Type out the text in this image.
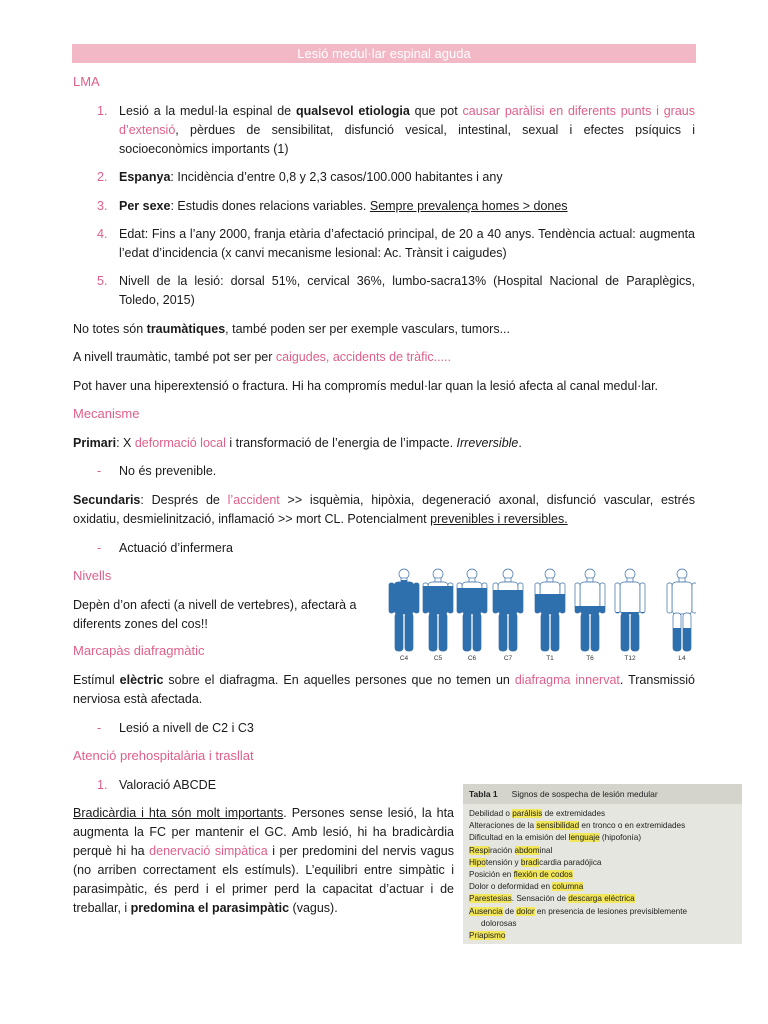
Lesió medul·lar espinal aguda
LMA
1. Lesió a la medul·la espinal de qualsevol etiologia que pot causar paràlisi en diferents punts i graus d’extensió, pèrdues de sensibilitat, disfunció vesical, intestinal, sexual i efectes psíquics i socioeconòmics importants (1)
2. Espanya: Incidència d’entre 0,8 y 2,3 casos/100.000 habitantes i any
3. Per sexe: Estudis dones relacions variables. Sempre prevalença homes > dones
4. Edat: Fins a l’any 2000, franja etària d’afectació principal, de 20 a 40 anys. Tendència actual: augmenta l’edat d’incidencia (x canvi mecanisme lesional: Ac. Trànsit i caigudes)
5. Nivell de la lesió: dorsal 51%, cervical 36%, lumbo-sacra13% (Hospital Nacional de Paraplègics, Toledo, 2015)
No totes són traumàtiques, també poden ser per exemple vasculars, tumors...
A nivell traumàtic, també pot ser per caigudes, accidents de tràfic.....
Pot haver una hiperextensió o fractura. Hi ha compromís medul·lar quan la lesió afecta al canal medul·lar.
Mecanisme
Primari: X deformació local i transformació de l’energia de l’impacte. Irreversible.
- No és prevenible.
Secundaris: Després de l’accident >> isquèmia, hipòxia, degeneració axonal, disfunció vascular, estrés oxidatiu, desmielinització, inflamació >> mort CL. Potencialment prevenibles i reversibles.
- Actuació d’infermera
Nivells
Depèn d’on afecti (a nivell de vertebres), afectarà a diferents zones del cos!!
C4	C5	C6	C7	T1	T6	T12	L4
Marcapàs diafragmàtic
Estímul elèctric sobre el diafragma. En aquelles persones que no temen un diafragma innervat. Transmissió nerviosa està afectada.
- Lesió a nivell de C2 i C3
Atenció prehospitalària i trasllat
1. Valoració ABCDE
Bradicàrdia i hta són molt importants. Persones sense lesió, la hta augmenta la FC per mantenir el GC. Amb lesió, hi ha bradicàrdia perquè hi ha denervació simpàtica i per predomini del nervis vagus (no arriben correctament els estímuls). L’equilibri entre simpàtic i parasimpàtic, és perd i el primer perd la capacitat d’actuar i de treballar, i predomina el parasimpàtic (vagus).
Tabla 1 Signos de sospecha de lesión medular
Debilidad o parálisis de extremidades
Alteraciones de la sensibilidad en tronco o en extremidades
Dificultad en la emisión del lenguaje (hipofonía)
Respiración abdominal
Hipotensión y bradicardia paradójica
Posición en flexión de codos
Dolor o deformidad en columna
Parestesias. Sensación de descarga eléctrica
Ausencia de dolor en presencia de lesiones previsiblemente
dolorosas
Priapismo
